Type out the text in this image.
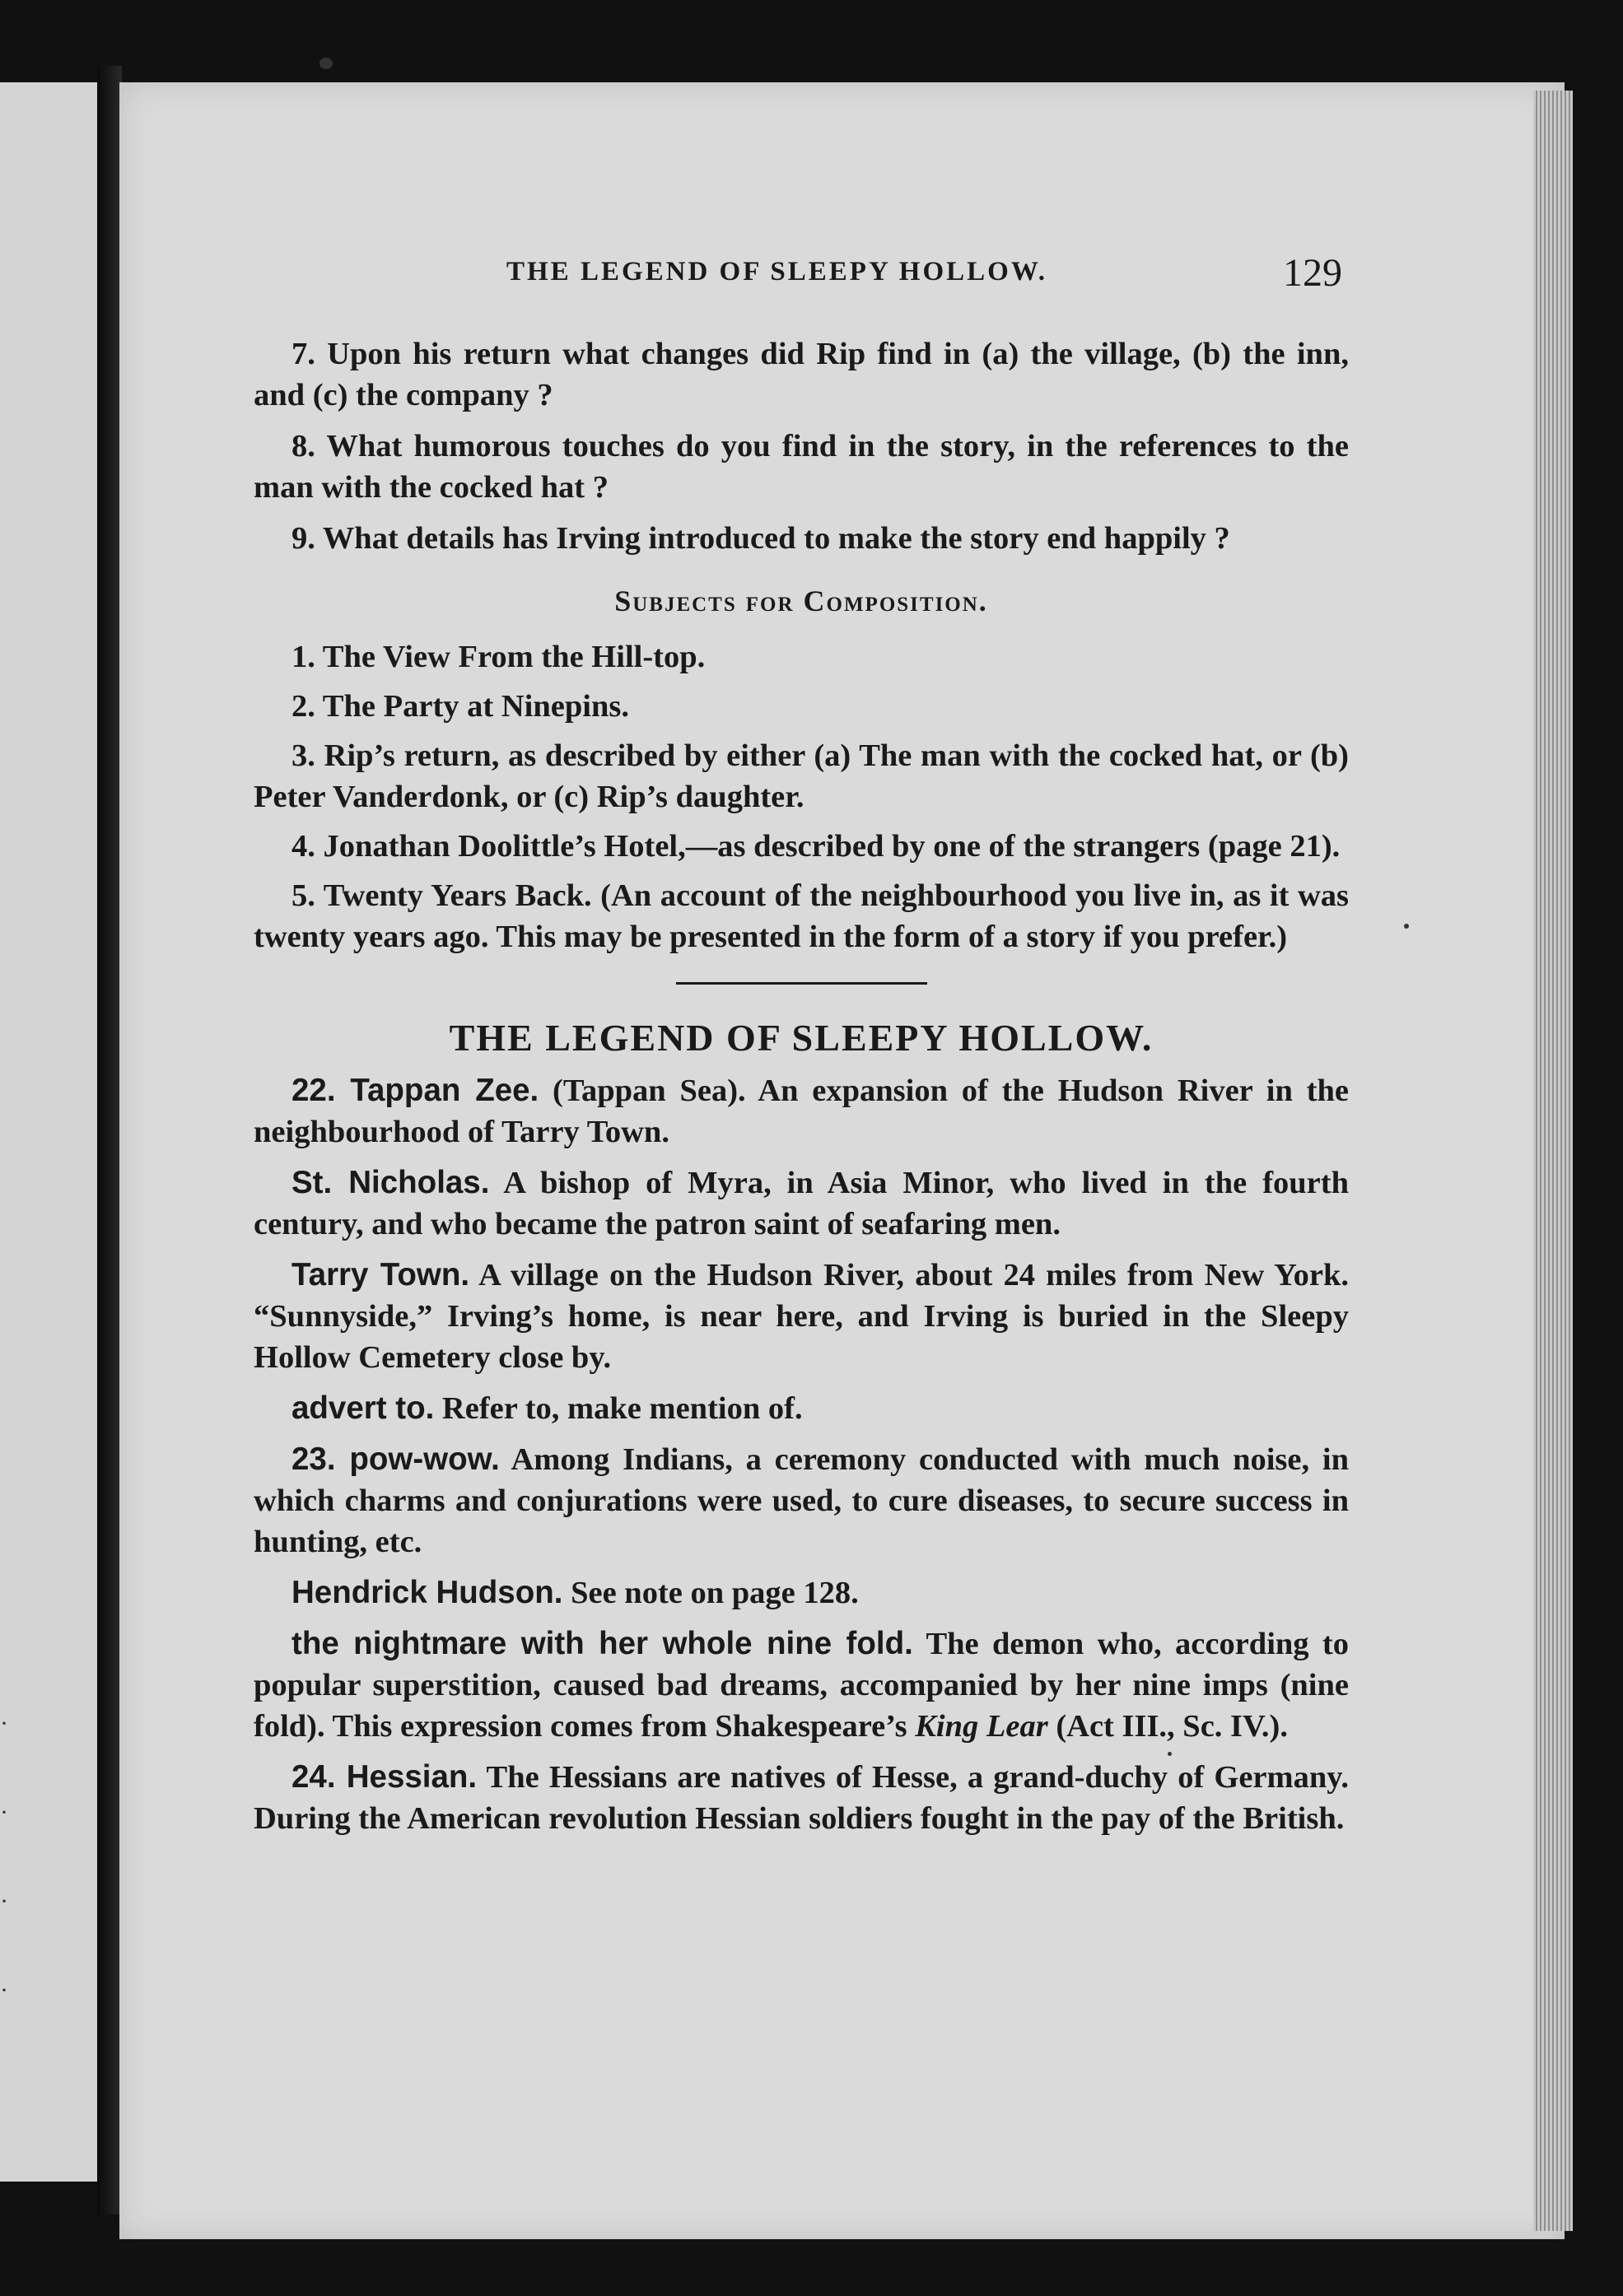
·
·
·
·
THE LEGEND OF SLEEPY HOLLOW.	129

7. Upon his return what changes did Rip find in (a) the village, (b) the inn, and (c) the company ?

8. What humorous touches do you find in the story, in the references to the man with the cocked hat ?

9. What details has Irving introduced to make the story end happily ?

Subjects for Composition.

1. The View From the Hill-top.

2. The Party at Ninepins.

3. Rip’s return, as described by either (a) The man with the cocked hat, or (b) Peter Vanderdonk, or (c) Rip’s daughter.

4. Jonathan Doolittle’s Hotel,—as described by one of the strangers (page 21).

5. Twenty Years Back. (An account of the neighbourhood you live in, as it was twenty years ago. This may be presented in the form of a story if you prefer.)

THE LEGEND OF SLEEPY HOLLOW.

22. Tappan Zee. (Tappan Sea). An expansion of the Hudson River in the neighbourhood of Tarry Town.

St. Nicholas. A bishop of Myra, in Asia Minor, who lived in the fourth century, and who became the patron saint of seafaring men.

Tarry Town. A village on the Hudson River, about 24 miles from New York. “Sunnyside,” Irving’s home, is near here, and Irving is buried in the Sleepy Hollow Cemetery close by.

advert to. Refer to, make mention of.

23. pow-wow. Among Indians, a ceremony conducted with much noise, in which charms and conjurations were used, to cure diseases, to secure success in hunting, etc.

Hendrick Hudson. See note on page 128.

the nightmare with her whole nine fold. The demon who, according to popular superstition, caused bad dreams, accompanied by her nine imps (nine fold). This expression comes from Shakespeare’s King Lear (Act III., Sc. IV.).

24. Hessian. The Hessians are natives of Hesse, a grand-duchy of Germany. During the American revolution Hessian soldiers fought in the pay of the British.
